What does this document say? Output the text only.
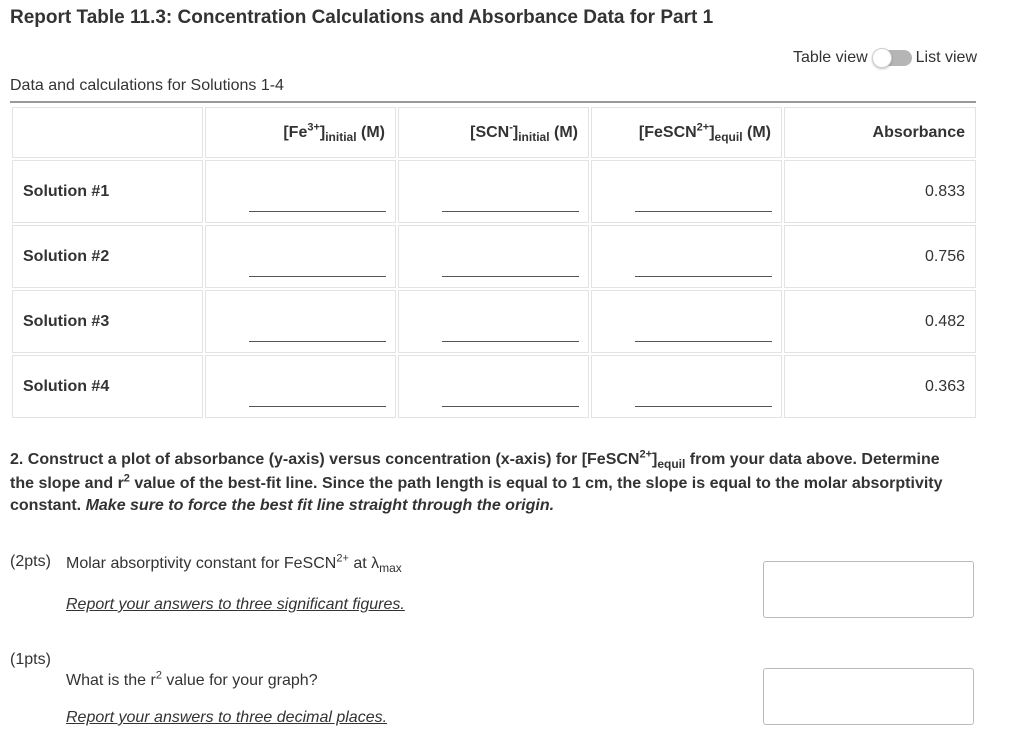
Report Table 11.3: Concentration Calculations and Absorbance Data for Part 1
Table view	List view
Data and calculations for Solutions 1-4
	$[Fe^{3+}]_{initial}$ (M)	$[SCN^-]_{initial}$ (M)	$[FeSCN^{2+}]_{equil}$ (M)	Absorbance
Solution #1				0.833
Solution #2				0.756
Solution #3				0.482
Solution #4				0.363
2. Construct a plot of absorbance (y-axis) versus concentration (x-axis) for $[FeSCN^{2+}]_{equil}$ from your data above. Determine
the slope and $r^2$ value of the best-fit line. Since the path length is equal to 1 cm, the slope is equal to the molar absorptivity
constant. Make sure to force the best fit line straight through the origin.
(2pts) Molar absorptivity constant for FeSCN$^{2+}$ at $\lambda_{max}$
Report your answers to three significant figures.
(1pts)
What is the $r^2$ value for your graph?
Report your answers to three decimal places.
